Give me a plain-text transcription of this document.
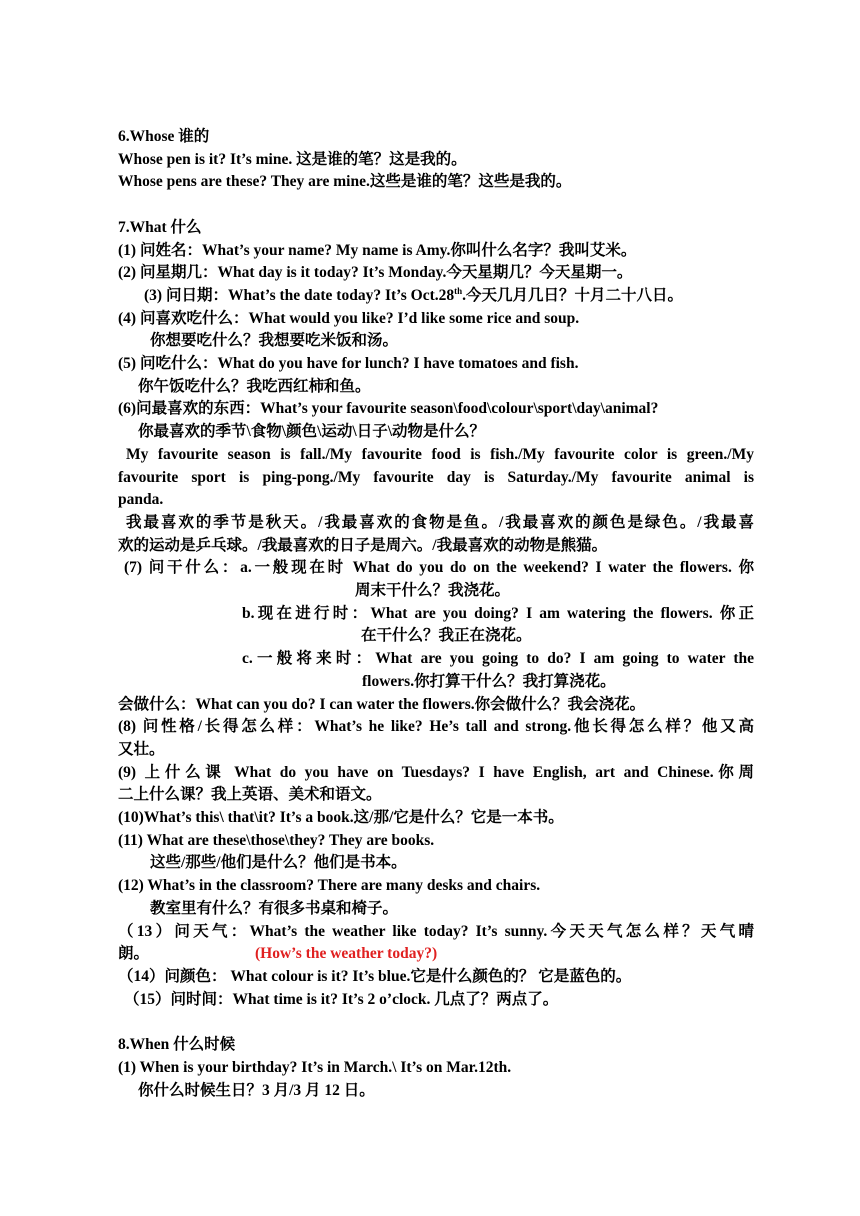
6.Whose 谁的
Whose pen is it? It’s mine. 这是谁的笔？这是我的。
Whose pens are these? They are mine.这些是谁的笔？这些是我的。
7.What 什么
(1) 问姓名：What’s your name? My name is Amy.你叫什么名字？我叫艾米。
(2) 问星期几：What day is it today? It’s Monday.今天星期几？今天星期一。
(3) 问日期：What’s the date today? It’s Oct.28th.今天几月几日？十月二十八日。
(4) 问喜欢吃什么：What would you like? I’d like some rice and soup.
你想要吃什么？我想要吃米饭和汤。
(5) 问吃什么：What do you have for lunch? I have tomatoes and fish.
你午饭吃什么？我吃西红柿和鱼。
(6)问最喜欢的东西：What’s your favourite season\food\colour\sport\day\animal?
你最喜欢的季节\食物\颜色\运动\日子\动物是什么？
My favourite season is fall./My favourite food is fish./My favourite color is green./My
favourite sport is ping-pong./My favourite day is Saturday./My favourite animal is
panda.
我最喜欢的季节是秋天。/我最喜欢的食物是鱼。/我最喜欢的颜色是绿色。/我最喜
欢的运动是乒乓球。/我最喜欢的日子是周六。/我最喜欢的动物是熊猫。
(7) 问干什么：a.一般现在时 What do you do on the weekend? I water the flowers. 你
周末干什么？我浇花。
b.现在进行时：What are you doing? I am watering the flowers. 你正
在干什么？我正在浇花。
c.一般将来时：What are you going to do? I am going to water the
flowers.你打算干什么？我打算浇花。
会做什么：What can you do? I can water the flowers.你会做什么？我会浇花。
(8) 问性格/长得怎么样：What’s he like? He’s tall and strong.他长得怎么样？他又高
又壮。
(9) 上什么课 What do you have on Tuesdays? I have English, art and Chinese.你周
二上什么课？我上英语、美术和语文。
(10)What’s this\ that\it? It’s a book.这/那/它是什么？它是一本书。
(11) What are these\those\they? They are books.
这些/那些/他们是什么？他们是书本。
(12) What’s in the classroom? There are many desks and chairs.
教室里有什么？有很多书桌和椅子。
（13）问天气：What’s the weather like today? It’s sunny.今天天气怎么样？天气晴
朗。	(How’s the weather today?)
（14）问颜色： What colour is it? It’s blue.它是什么颜色的？ 它是蓝色的。
（15）问时间：What time is it? It’s 2 o’clock. 几点了？两点了。
8.When 什么时候
(1) When is your birthday? It’s in March.\ It’s on Mar.12th.
你什么时候生日？3 月/3 月 12 日。
